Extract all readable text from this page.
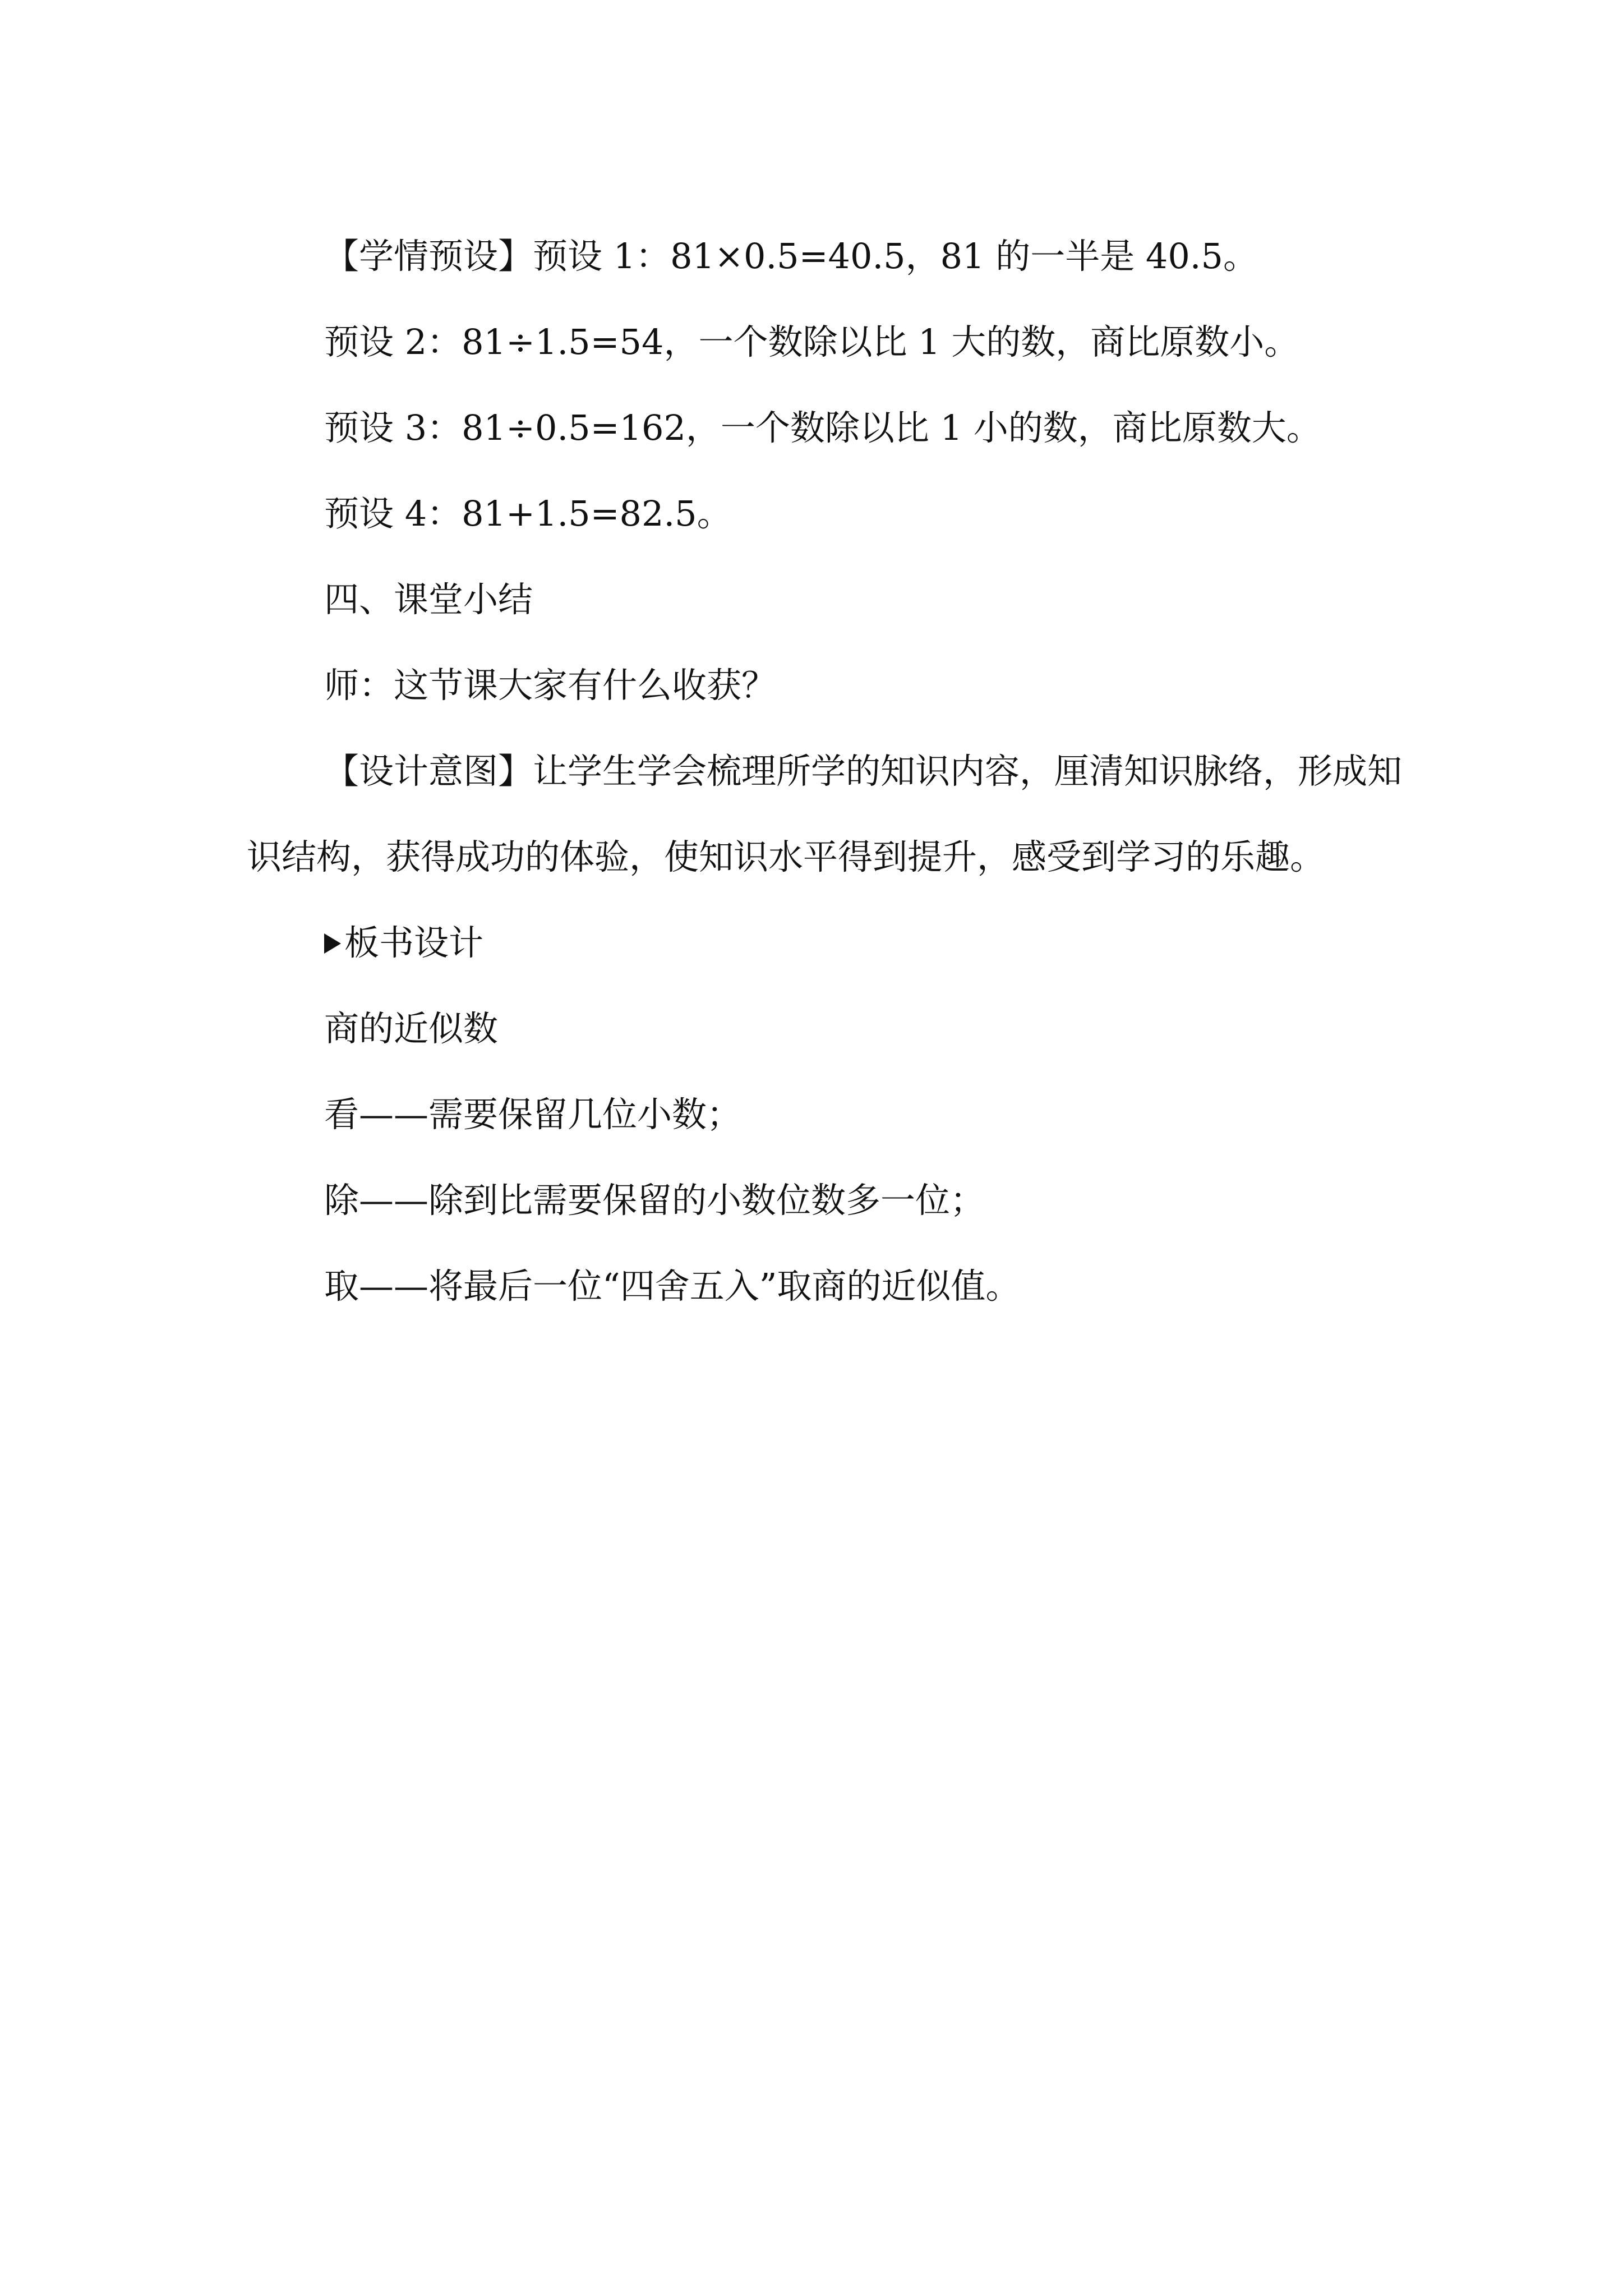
【学情预设】预设 1：81×0.5=40.5，81 的一半是 40.5。

预设 2：81÷1.5=54，一个数除以比 1 大的数，商比原数小。

预设 3：81÷0.5=162，一个数除以比 1 小的数，商比原数大。

预设 4：81+1.5=82.5。

四、课堂小结

师：这节课大家有什么收获？

【设计意图】让学生学会梳理所学的知识内容，厘清知识脉络，形成知识结构，获得成功的体验，使知识水平得到提升，感受到学习的乐趣。

板书设计

商的近似数

看——需要保留几位小数；

除——除到比需要保留的小数位数多一位；

取——将最后一位“四舍五入”取商的近似值。
